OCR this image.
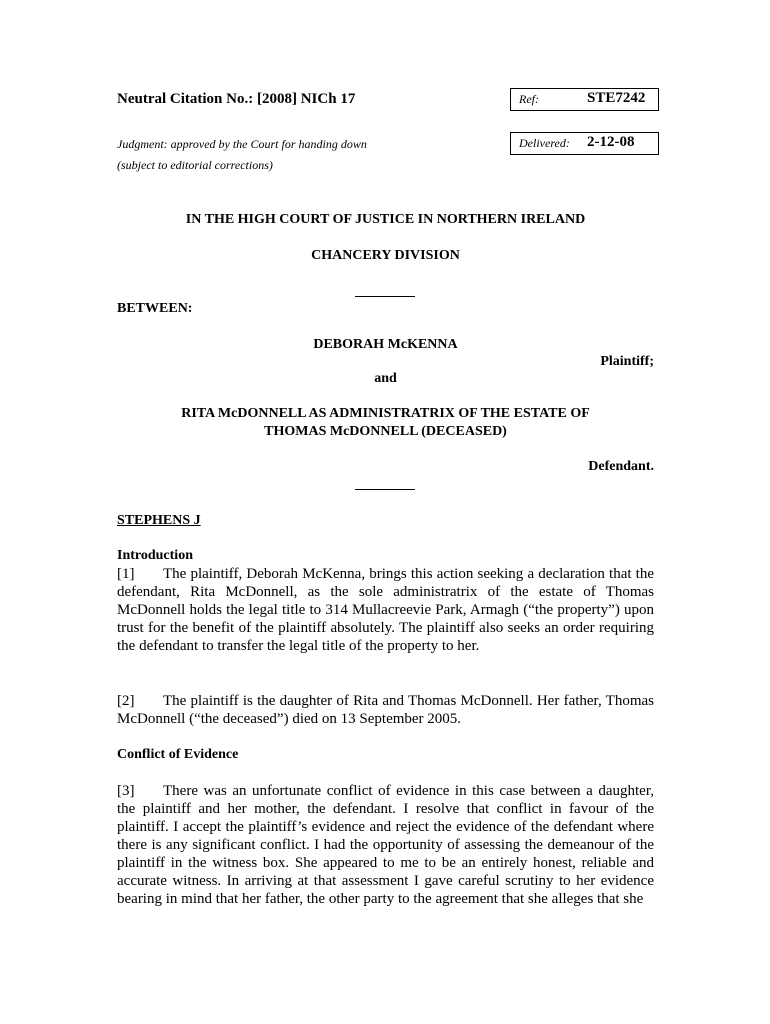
Neutral Citation No.: [2008] NICh 17	Ref:	STE7242
Judgment: approved by the Court for handing down
(subject to editorial corrections)
Delivered: 2-12-08
IN THE HIGH COURT OF JUSTICE IN NORTHERN IRELAND
CHANCERY DIVISION
BETWEEN:
DEBORAH McKENNA
Plaintiff;
and
RITA McDONNELL AS ADMINISTRATRIX OF THE ESTATE OF
THOMAS McDONNELL (DECEASED)
Defendant.
STEPHENS J
Introduction
[1] The plaintiff, Deborah McKenna, brings this action seeking a declaration that the defendant, Rita McDonnell, as the sole administratrix of the estate of Thomas McDonnell holds the legal title to 314 Mullacreevie Park, Armagh (“the property”) upon trust for the benefit of the plaintiff absolutely. The plaintiff also seeks an order requiring the defendant to transfer the legal title of the property to her.
[2] The plaintiff is the daughter of Rita and Thomas McDonnell. Her father, Thomas McDonnell (“the deceased”) died on 13 September 2005.
Conflict of Evidence
[3] There was an unfortunate conflict of evidence in this case between a daughter, the plaintiff and her mother, the defendant. I resolve that conflict in favour of the plaintiff. I accept the plaintiff’s evidence and reject the evidence of the defendant where there is any significant conflict. I had the opportunity of assessing the demeanour of the plaintiff in the witness box. She appeared to me to be an entirely honest, reliable and accurate witness. In arriving at that assessment I gave careful scrutiny to her evidence bearing in mind that her father, the other party to the agreement that she alleges that she
